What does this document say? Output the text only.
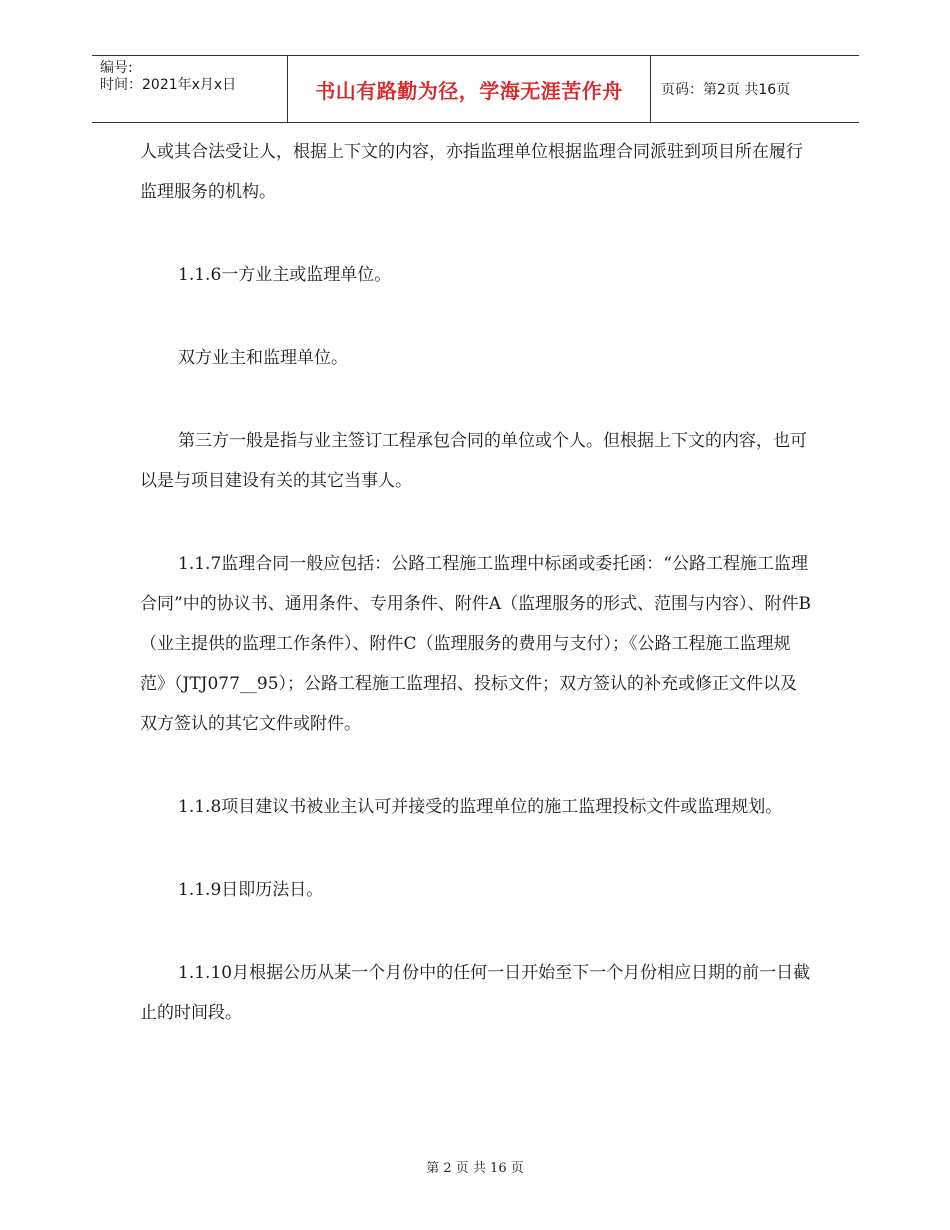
编号:
时间：2021年x月x日	书山有路勤为径，学海无涯苦作舟	页码：第2页 共16页

人或其合法受让人，根据上下文的内容，亦指监理单位根据监理合同派驻到项目所在履行监理服务的机构。

1.1.6一方业主或监理单位。

双方业主和监理单位。

第三方一般是指与业主签订工程承包合同的单位或个人。但根据上下文的内容，也可以是与项目建设有关的其它当事人。

1.1.7监理合同一般应包括：公路工程施工监理中标函或委托函：“公路工程施工监理合同”中的协议书、通用条件、专用条件、附件A（监理服务的形式、范围与内容）、附件B（业主提供的监理工作条件）、附件C（监理服务的费用与支付）；《公路工程施工监理规范》（JTJ077__95）；公路工程施工监理招、投标文件；双方签认的补充或修正文件以及双方签认的其它文件或附件。

1.1.8项目建议书被业主认可并接受的监理单位的施工监理投标文件或监理规划。

1.1.9日即历法日。

1.1.10月根据公历从某一个月份中的任何一日开始至下一个月份相应日期的前一日截止的时间段。

第 2 页 共 16 页
